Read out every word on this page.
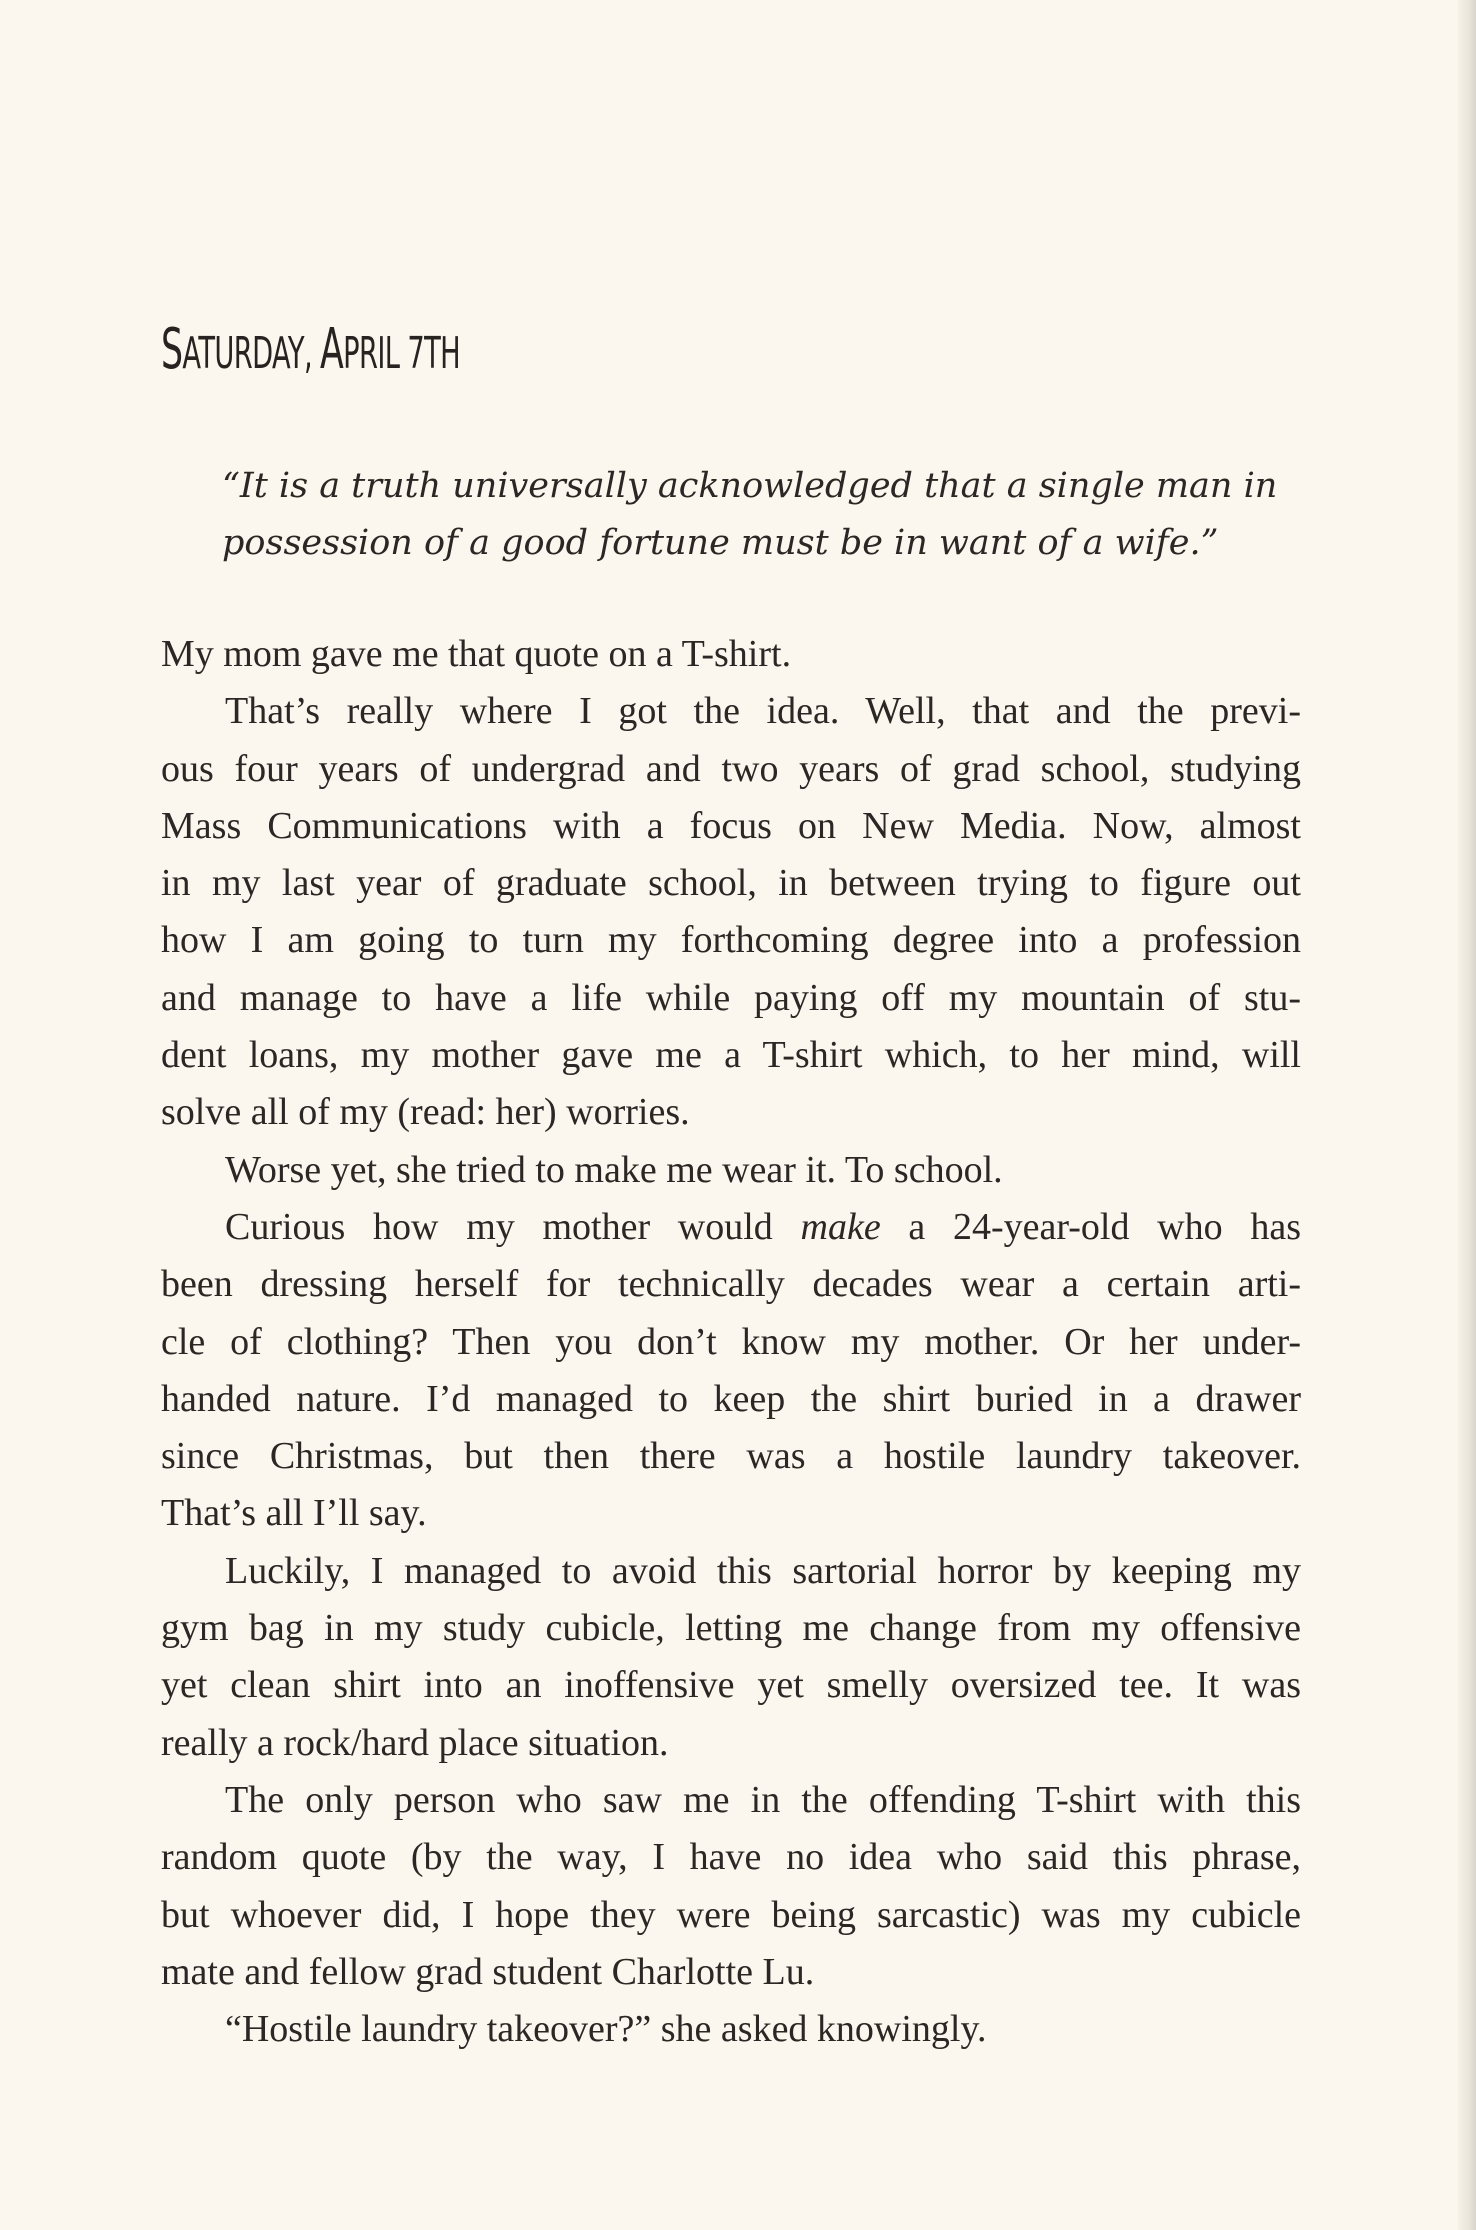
SATURDAY, APRIL 7TH

“It is a truth universally acknowledged that a single man in

possession of a good fortune must be in want of a wife.”

My mom gave me that quote on a T-shirt.
That’s really where I got the idea. Well, that and the previ-
ous four years of undergrad and two years of grad school, studying
Mass Communications with a focus on New Media. Now, almost
in my last year of graduate school, in between trying to figure out
how I am going to turn my forthcoming degree into a profession
and manage to have a life while paying off my mountain of stu-
dent loans, my mother gave me a T-shirt which, to her mind, will
solve all of my (read: her) worries.
Worse yet, she tried to make me wear it. To school.
Curious how my mother would make a 24-year-old who has
been dressing herself for technically decades wear a certain arti-
cle of clothing? Then you don’t know my mother. Or her under-
handed nature. I’d managed to keep the shirt buried in a drawer
since Christmas, but then there was a hostile laundry takeover.
That’s all I’ll say.
Luckily, I managed to avoid this sartorial horror by keeping my
gym bag in my study cubicle, letting me change from my offensive
yet clean shirt into an inoffensive yet smelly oversized tee. It was
really a rock/hard place situation.
The only person who saw me in the offending T-shirt with this
random quote (by the way, I have no idea who said this phrase,
but whoever did, I hope they were being sarcastic) was my cubicle
mate and fellow grad student Charlotte Lu.
“Hostile laundry takeover?” she asked knowingly.
